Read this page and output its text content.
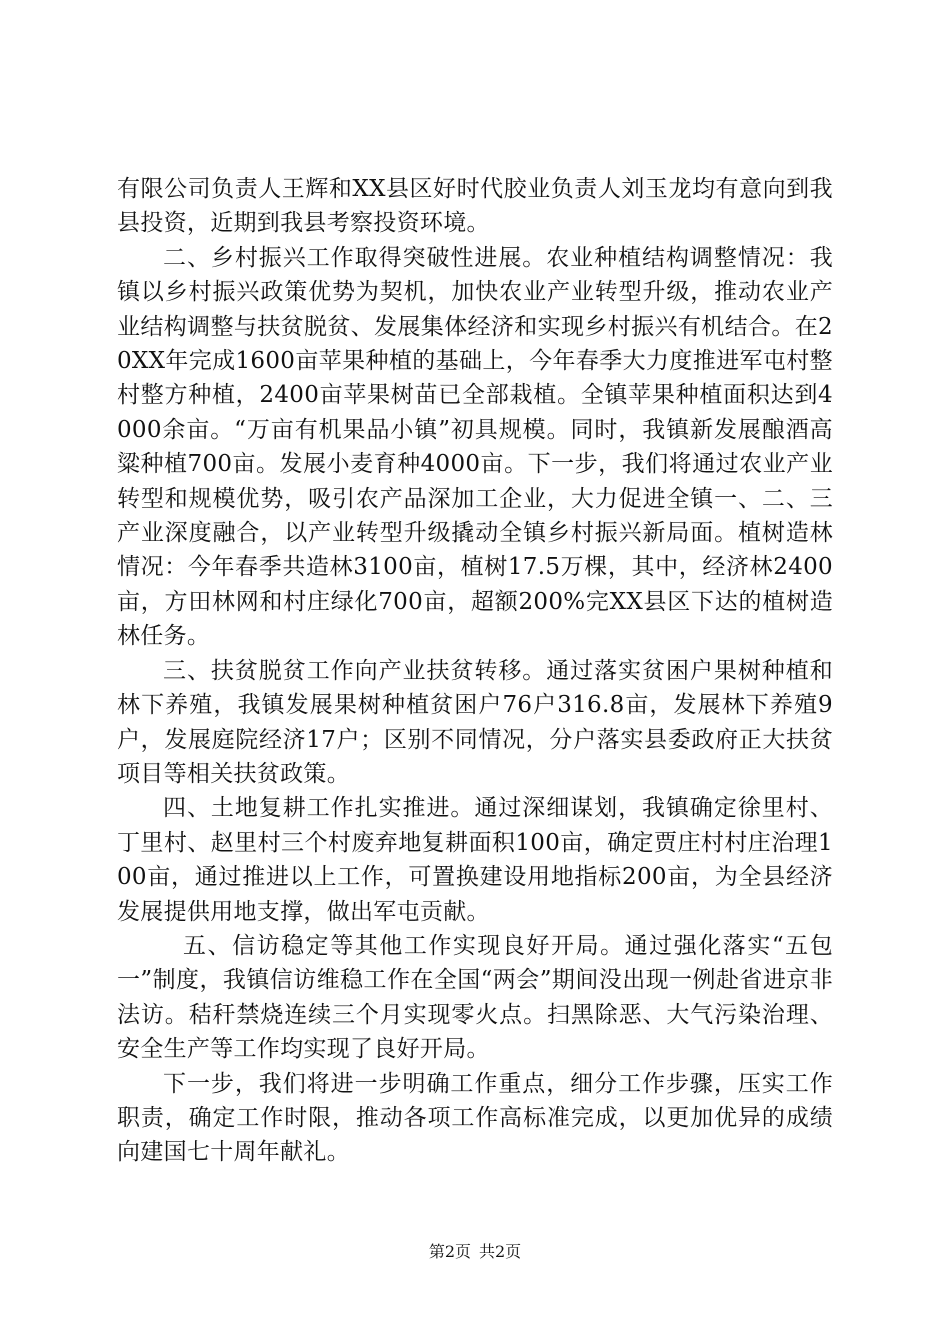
有限公司负责人王辉和XX县区好时代胶业负责人刘玉龙均有意向到我县投资，近期到我县考察投资环境。

二、乡村振兴工作取得突破性进展。农业种植结构调整情况：我镇以乡村振兴政策优势为契机，加快农业产业转型升级，推动农业产业结构调整与扶贫脱贫、发展集体经济和实现乡村振兴有机结合。在20XX年完成1600亩苹果种植的基础上，今年春季大力度推进军屯村整村整方种植，2400亩苹果树苗已全部栽植。全镇苹果种植面积达到4000余亩。“万亩有机果品小镇”初具规模。同时，我镇新发展酿酒高粱种植700亩。发展小麦育种4000亩。下一步，我们将通过农业产业转型和规模优势，吸引农产品深加工企业，大力促进全镇一、二、三产业深度融合，以产业转型升级撬动全镇乡村振兴新局面。植树造林情况：今年春季共造林3100亩，植树17.5万棵，其中，经济林2400亩，方田林网和村庄绿化700亩，超额200%完XX县区下达的植树造林任务。

三、扶贫脱贫工作向产业扶贫转移。通过落实贫困户果树种植和林下养殖，我镇发展果树种植贫困户76户316.8亩，发展林下养殖9户，发展庭院经济17户；区别不同情况，分户落实县委政府正大扶贫项目等相关扶贫政策。

四、土地复耕工作扎实推进。通过深细谋划，我镇确定徐里村、丁里村、赵里村三个村废弃地复耕面积100亩，确定贾庄村村庄治理100亩，通过推进以上工作，可置换建设用地指标200亩，为全县经济发展提供用地支撑，做出军屯贡献。

五、信访稳定等其他工作实现良好开局。通过强化落实“五包一”制度，我镇信访维稳工作在全国“两会”期间没出现一例赴省进京非法访。秸秆禁烧连续三个月实现零火点。扫黑除恶、大气污染治理、安全生产等工作均实现了良好开局。

下一步，我们将进一步明确工作重点，细分工作步骤，压实工作职责，确定工作时限，推动各项工作高标准完成，以更加优异的成绩向建国七十周年献礼。

第2页 共2页
